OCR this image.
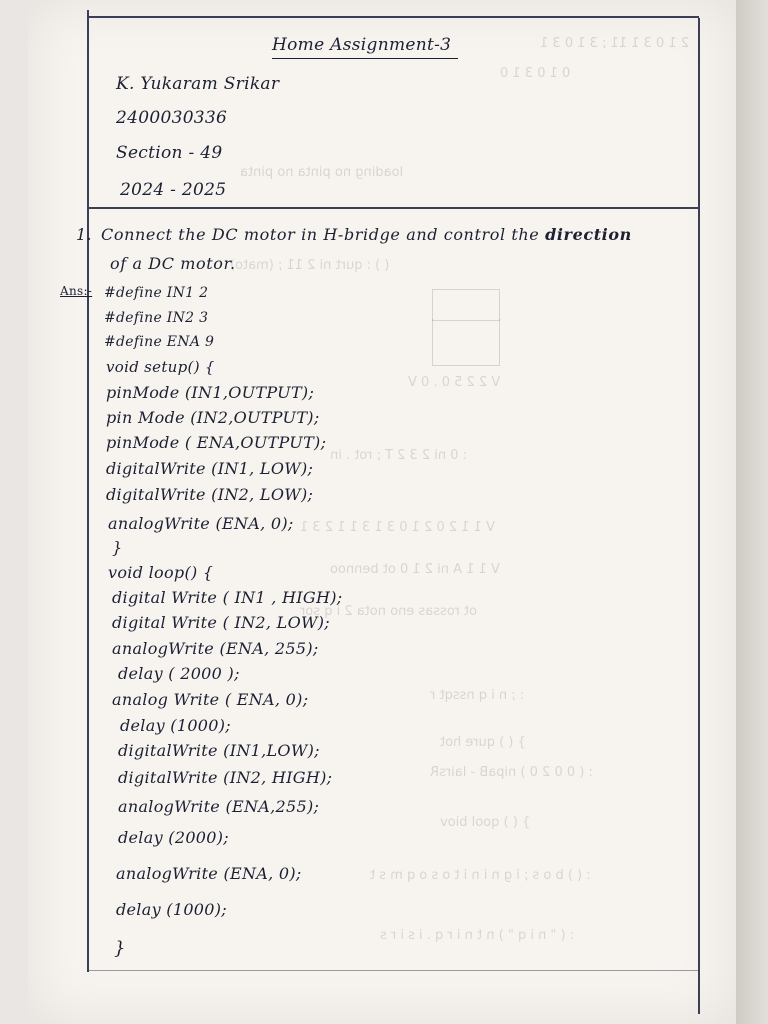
2 1 0 3 1 11 ; 3 1 0 3 1
0 1 0 3 1 0
loading no pinta no pinta
( ) : qurt ni 2 11 ; (mato)
V 2 2 5 0 . 0 V
: 0 ni 2 3 2 T ; rot . in
V 1 1 2 0 2 1 0 3 1 3 1 1 2 3 1
V 1 1 A ni 2 1 0 ot bennoo
ot rossas eno nota 2 i q sor
: ; n i q nssqt r
} ( ) qure hot
: ( 0 0 2 0 ) nipaB - lairsR
} ( ) qool biov
: ( ) b o s ; i g n i n i t o s o q m s t
: ( " n i q " ) n t n i r q . i s i r s
Home Assignment-3
K. Yukaram Srikar
2400030336
Section - 49
2024 - 2025
1. Connect the DC motor in H-bridge and control the direction
of a DC motor.
Ans:- #define IN1 2
#define IN2 3
#define ENA 9
void setup() {
pinMode (IN1,OUTPUT);
pin Mode (IN2,OUTPUT);
pinMode ( ENA,OUTPUT);
digitalWrite (IN1, LOW);
digitalWrite (IN2, LOW);
analogWrite (ENA, 0);
}
void loop() {
digital Write ( IN1 , HIGH);
digital Write ( IN2, LOW);
analogWrite (ENA, 255);
delay ( 2000 );
analog Write ( ENA, 0);
delay (1000);
digitalWrite (IN1,LOW);
digitalWrite (IN2, HIGH);
analogWrite (ENA,255);
delay (2000);
analogWrite (ENA, 0);
delay (1000);
}
